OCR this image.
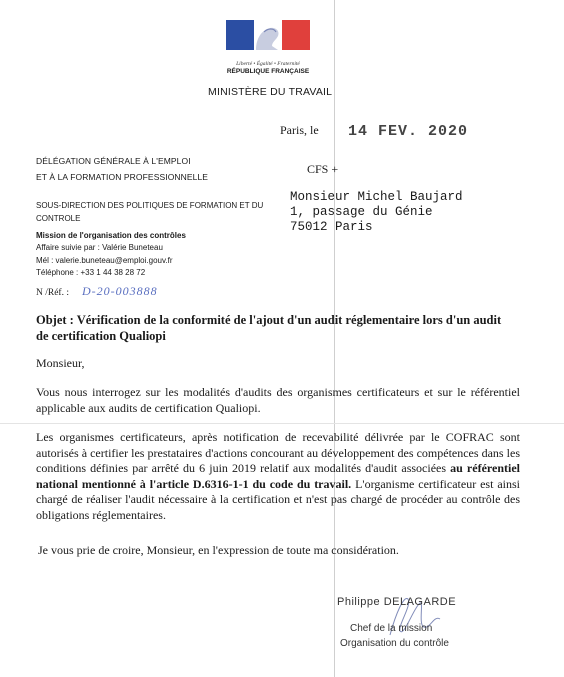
Liberté • Égalité • Fraternité
RÉPUBLIQUE FRANÇAISE
MINISTÈRE DU TRAVAIL
Paris, le 14 FEV. 2020
DÉLÉGATION GÉNÉRALE À L'EMPLOI
ET À LA FORMATION PROFESSIONNELLE
SOUS-DIRECTION DES POLITIQUES DE FORMATION ET DU
CONTROLE
Mission de l'organisation des contrôles
Affaire suivie par : Valérie Buneteau
Mél : valerie.buneteau@emploi.gouv.fr
Téléphone : +33 1 44 38 28 72
N /Réf. : D-20-003888
CFS +
Monsieur Michel Baujard
1, passage du Génie
75012 Paris
Objet : Vérification de la conformité de l'ajout d'un audit réglementaire lors d'un audit de certification Qualiopi
Monsieur,
Vous nous interrogez sur les modalités d'audits des organismes certificateurs et sur le référentiel applicable aux audits de certification Qualiopi.
Les organismes certificateurs, après notification de recevabilité délivrée par le COFRAC sont autorisés à certifier les prestataires d'actions concourant au développement des compétences dans les conditions définies par arrêté du 6 juin 2019 relatif aux modalités d'audit associées au référentiel national mentionné à l'article D.6316-1-1 du code du travail. L'organisme certificateur est ainsi chargé de réaliser l'audit nécessaire à la certification et n'est pas chargé de procéder au contrôle des obligations réglementaires.
Je vous prie de croire, Monsieur, en l'expression de toute ma considération.
Philippe DELAGARDE
Chef de la mission
Organisation du contrôle
